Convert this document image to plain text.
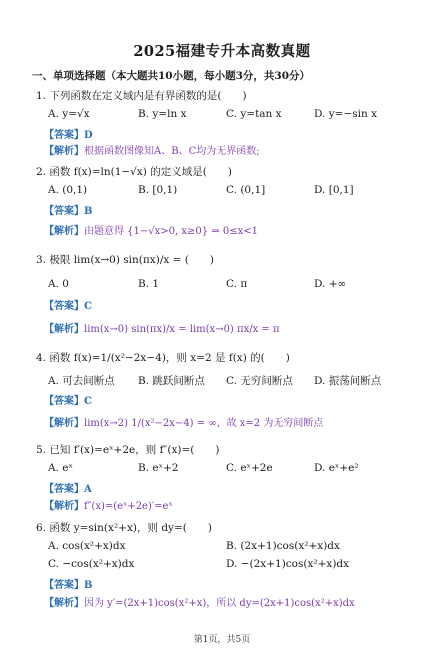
2025福建专升本高数真题
一、单项选择题（本大题共10小题，每小题3分，共30分）
1. 下列函数在定义域内是有界函数的是(　　)
A. y=√x	B. y=ln x	C. y=tan x	D. y=−sin x
【答案】D
【解析】根据函数图像知A、B、C均为无界函数;
2. 函数 f(x)=ln(1−√x) 的定义域是(　　)
A. (0,1)	B. [0,1)	C. (0,1]	D. [0,1]
【答案】B
【解析】由题意得 {1−√x>0, x≥0} ⇒ 0≤x<1
3. 极限 lim(x→0) sin(πx)/x = (　　)
A. 0	B. 1	C. π	D. +∞
【答案】C
【解析】lim(x→0) sin(πx)/x = lim(x→0) πx/x = π
4. 函数 f(x)=1/(x²−2x−4)，则 x=2 是 f(x) 的(　　)
A. 可去间断点 B. 跳跃间断点 C. 无穷间断点 D. 振荡间断点
【答案】C
【解析】lim(x→2) 1/(x²−2x−4) = ∞，故 x=2 为无穷间断点
5. 已知 f′(x)=eˣ+2e，则 f″(x)=(　　)
A. eˣ	B. eˣ+2	C. eˣ+2e	D. eˣ+e²
【答案】A
【解析】f″(x)=(eˣ+2e)′=eˣ
6. 函数 y=sin(x²+x)，则 dy=(　　)
A. cos(x²+x)dx	B. (2x+1)cos(x²+x)dx
C. −cos(x²+x)dx	D. −(2x+1)cos(x²+x)dx
【答案】B
【解析】因为 y′=(2x+1)cos(x²+x)，所以 dy=(2x+1)cos(x²+x)dx
第1页，共5页
